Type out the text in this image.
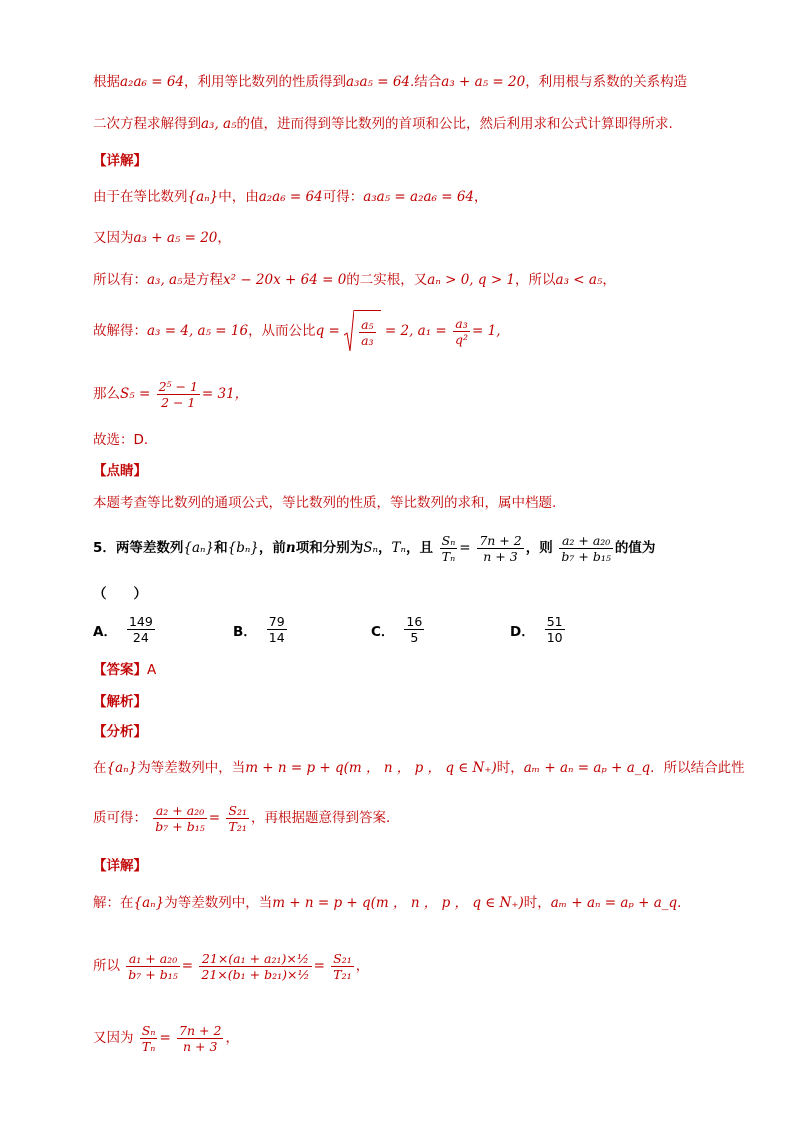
根据a₂a₆ = 64，利用等比数列的性质得到a₃a₅ = 64.结合a₃ + a₅ = 20，利用根与系数的关系构造
二次方程求解得到a₃, a₅的值，进而得到等比数列的首项和公比，然后利用求和公式计算即得所求.
【详解】
由于在等比数列{aₙ}中，由a₂a₆ = 64可得：a₃a₅ = a₂a₆ = 64，
又因为a₃ + a₅ = 20，
所以有：a₃, a₅是方程x² − 20x + 64 = 0的二实根，又aₙ > 0, q > 1，所以a₃ < a₅，
故解得：a₃ = 4, a₅ = 16，从而公比$q = \frac{\text{a₅}}{\text{a₃}} = 2$, $a_1 = \frac{\text{a₃}}{\text{q²}} = 1$,
那么$S_5 = \frac{\text{2⁵ − 1}}{2 - 1} = 31$，
故选：D．
【点睛】
本题考查等比数列的通项公式，等比数列的性质，等比数列的求和，属中档题.
5．两等差数列{aₙ}和{bₙ}，前n项和分别为Sₙ，Tₙ，且 $\frac{\text{Sₙ}}{\text{Tₙ}} = \frac{7n + 2}{n + 3}$ ，则 $\frac{\text{a₂ + a₂₀}}{\text{b₇ + b₁₅}}$ 的值为
（　　）
A． $\frac{149}{24}$	B． $\frac{79}{14}$	C． $\frac{16}{5}$	D． $\frac{51}{10}$
【答案】A
【解析】
【分析】
在{aₙ}为等差数列中，当m + n = p + q(m ， n ， p ， q ∈ N₊)时，aₘ + aₙ = aₚ + a_q．所以结合此性
质可得： $\frac{\text{a₂ + a₂₀}}{\text{b₇ + b₁₅}} = \frac{\text{S₂₁}}{\text{T₂₁}}$ ，再根据题意得到答案．
【详解】
解：在{aₙ}为等差数列中，当m + n = p + q(m ， n ， p ， q ∈ N₊)时，aₘ + aₙ = aₚ + a_q．
所以 $\frac{\text{a₁ + a₂₀}}{\text{b₇ + b₁₅}} = \frac{\text{21×(a₁ + a₂₁)×½}}{\text{21×(b₁ + b₂₁)×½}} = \frac{\text{S₂₁}}{\text{T₂₁}}$ ，
又因为 $\frac{\text{Sₙ}}{\text{Tₙ}} = \frac{7n + 2}{n + 3}$ ，
